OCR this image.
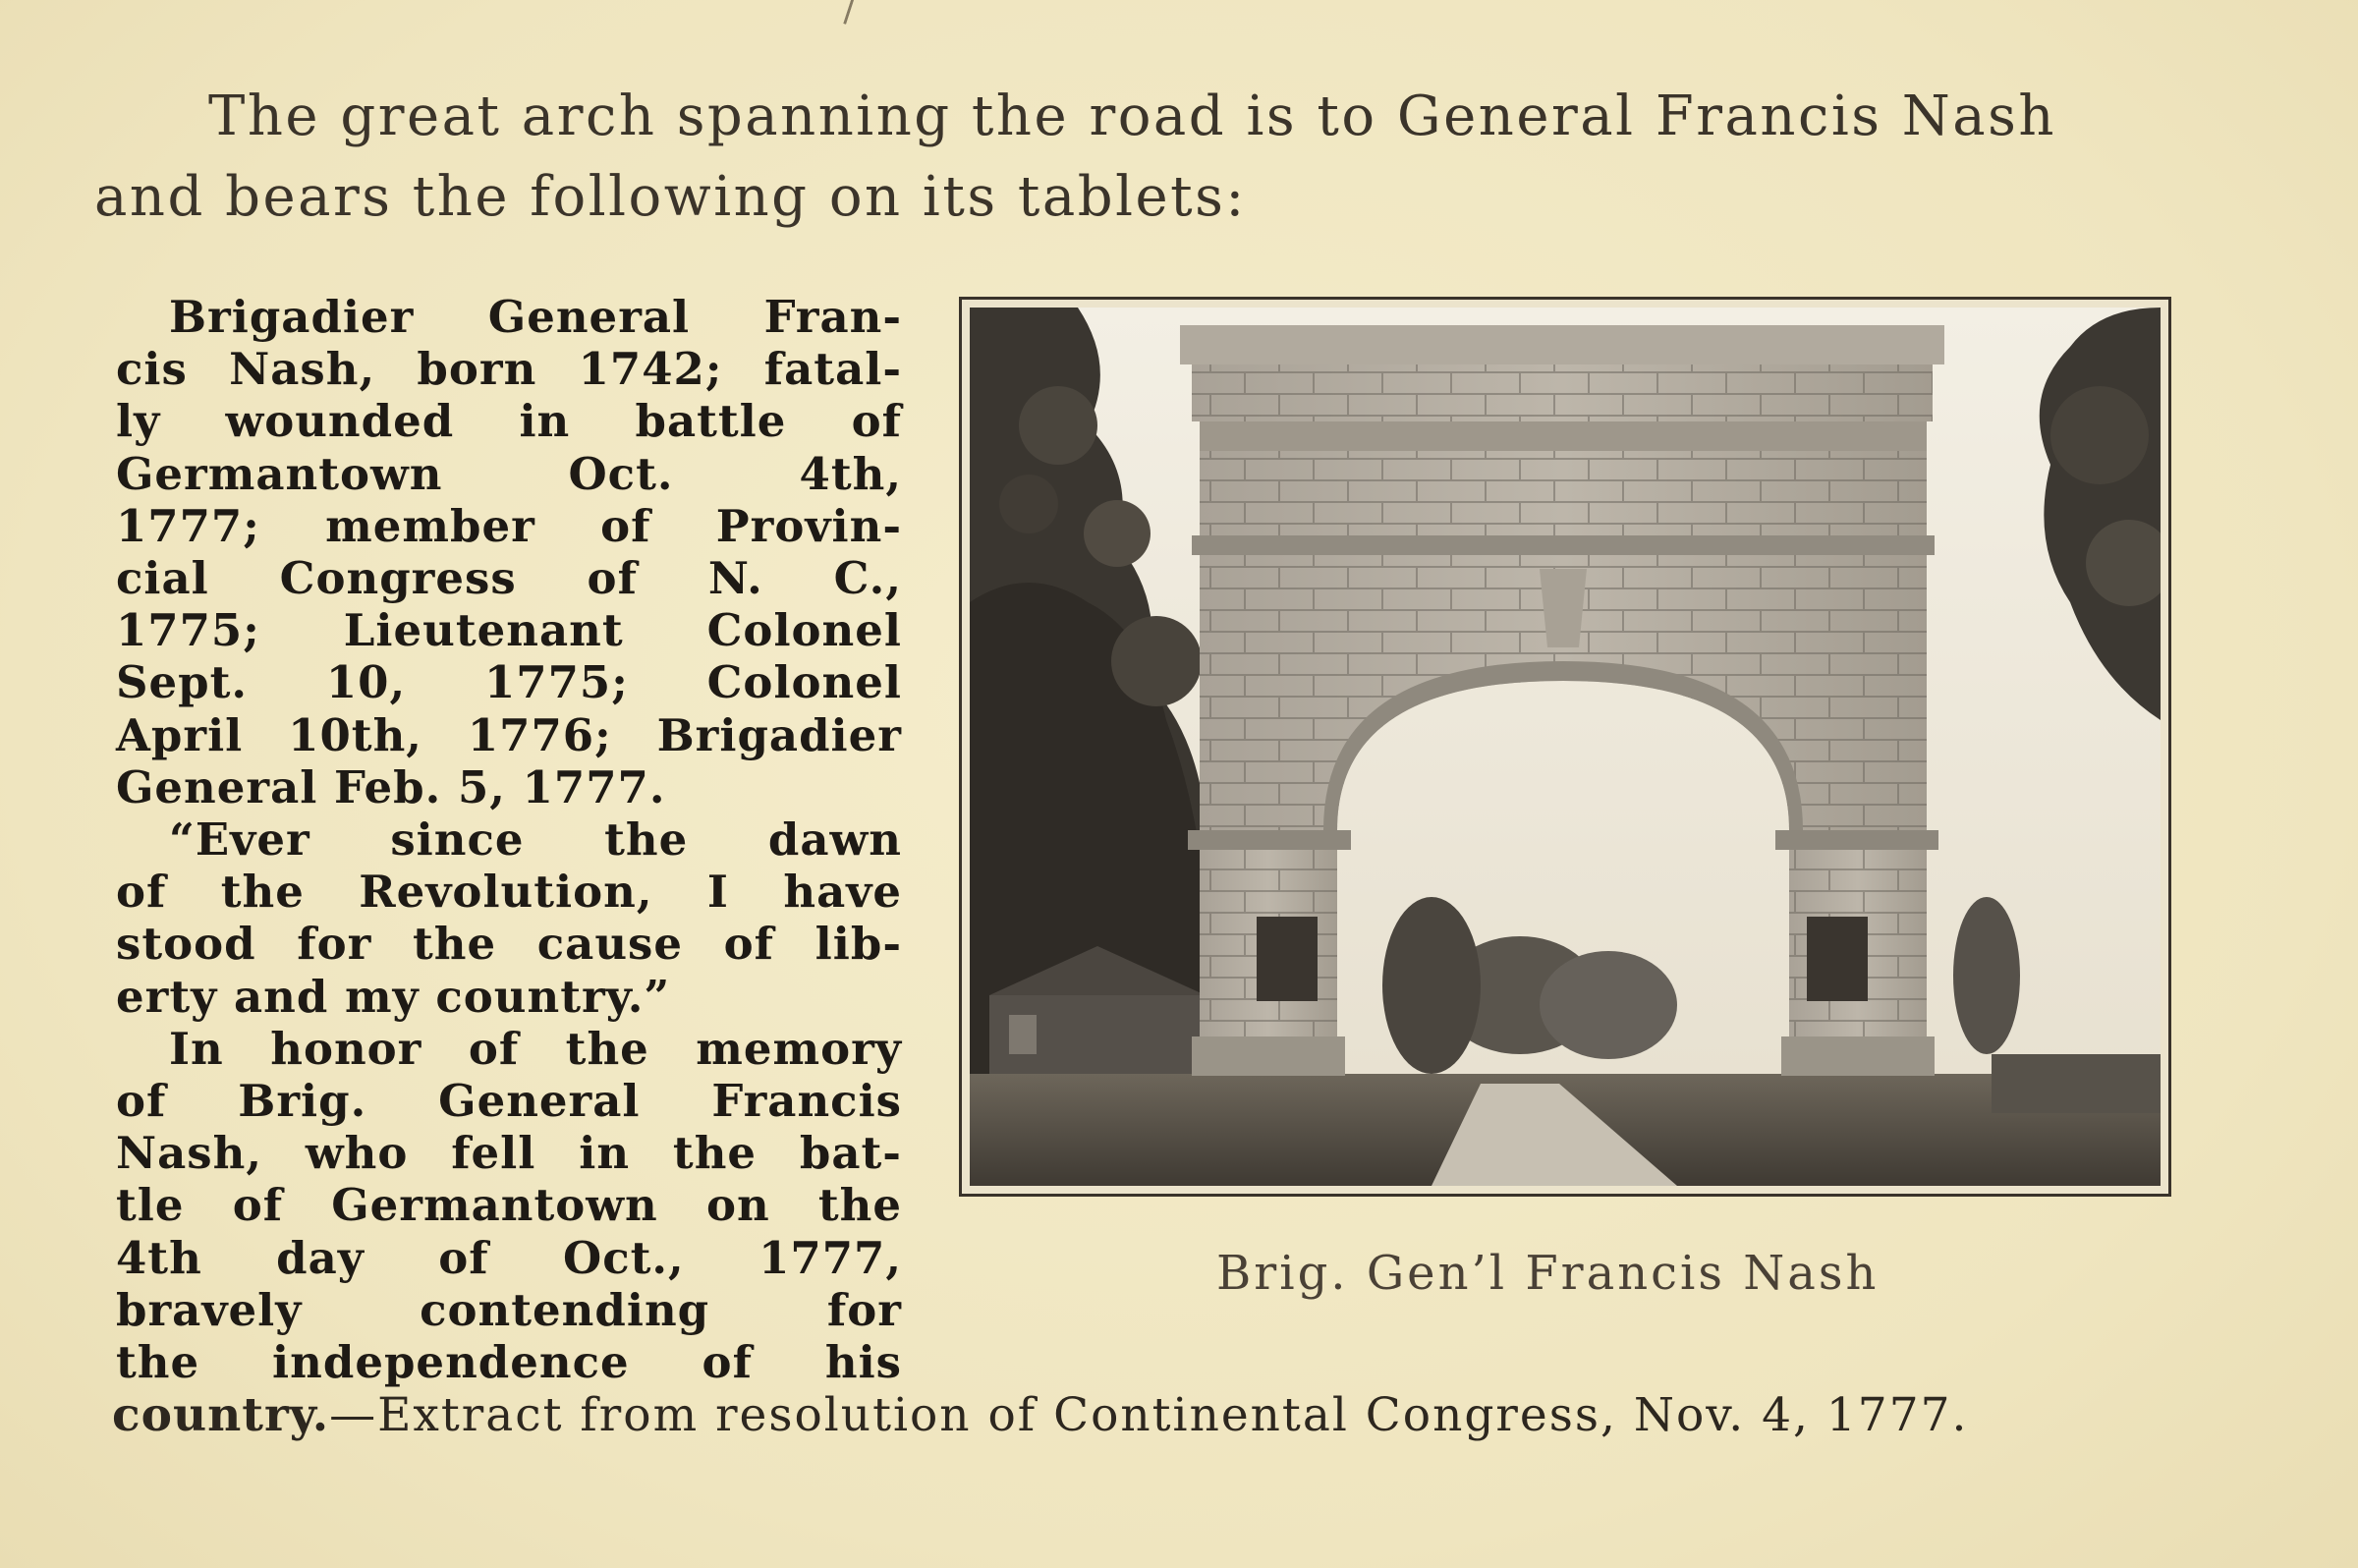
The great arch spanning the road is to General Francis Nash
and bears the following on its tablets:

Brigadier General Fran-
cis Nash, born 1742; fatal-
ly wounded in battle of
Germantown Oct. 4th,
1777; member of Provin-
cial Congress of N. C.,
1775; Lieutenant Colonel
Sept. 10, 1775; Colonel
April 10th, 1776; Brigadier
General Feb. 5, 1777.
“Ever since the dawn
of the Revolution, I have
stood for the cause of lib-
erty and my country.”
In honor of the memory
of Brig. General Francis
Nash, who fell in the bat-
tle of Germantown on the
4th day of Oct., 1777,
bravely contending for
the independence of his
country.—Extract from resolution of Continental Congress, Nov. 4, 1777.
Brig. Gen’l Francis Nash
